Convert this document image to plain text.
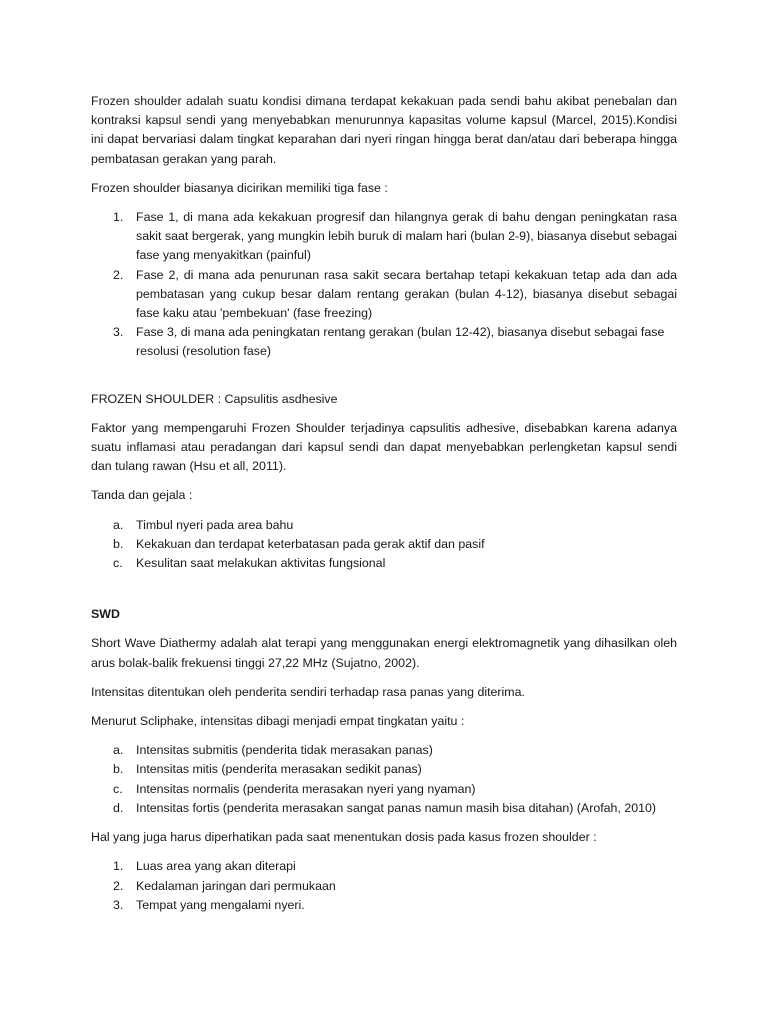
Frozen shoulder adalah suatu kondisi dimana terdapat kekakuan pada sendi bahu akibat penebalan dan kontraksi kapsul sendi yang menyebabkan menurunnya kapasitas volume kapsul (Marcel, 2015).Kondisi ini dapat bervariasi dalam tingkat keparahan dari nyeri ringan hingga berat dan/atau dari beberapa hingga pembatasan gerakan yang parah.

Frozen shoulder biasanya dicirikan memiliki tiga fase :

1.	Fase 1, di mana ada kekakuan progresif dan hilangnya gerak di bahu dengan peningkatan rasa sakit saat bergerak, yang mungkin lebih buruk di malam hari (bulan 2-9), biasanya disebut sebagai fase yang menyakitkan (painful)
2.	Fase 2, di mana ada penurunan rasa sakit secara bertahap tetapi kekakuan tetap ada dan ada pembatasan yang cukup besar dalam rentang gerakan (bulan 4-12), biasanya disebut sebagai fase kaku atau 'pembekuan' (fase freezing)
3.	Fase 3, di mana ada peningkatan rentang gerakan (bulan 12-42), biasanya disebut sebagai fase resolusi (resolution fase)

FROZEN SHOULDER : Capsulitis asdhesive

Faktor yang mempengaruhi Frozen Shoulder terjadinya capsulitis adhesive, disebabkan karena adanya suatu inflamasi atau peradangan dari kapsul sendi dan dapat menyebabkan perlengketan kapsul sendi dan tulang rawan (Hsu et all, 2011).

Tanda dan gejala :

a.	Timbul nyeri pada area bahu
b.	Kekakuan dan terdapat keterbatasan pada gerak aktif dan pasif
c.	Kesulitan saat melakukan aktivitas fungsional

SWD

Short Wave Diathermy adalah alat terapi yang menggunakan energi elektromagnetik yang dihasilkan oleh arus bolak-balik frekuensi tinggi 27,22 MHz (Sujatno, 2002).

Intensitas ditentukan oleh penderita sendiri terhadap rasa panas yang diterima.

Menurut Scliphake, intensitas dibagi menjadi empat tingkatan yaitu :

a.	Intensitas submitis (penderita tidak merasakan panas)
b.	Intensitas mitis (penderita merasakan sedikit panas)
c.	Intensitas normalis (penderita merasakan nyeri yang nyaman)
d.	Intensitas fortis (penderita merasakan sangat panas namun masih bisa ditahan) (Arofah, 2010)

Hal yang juga harus diperhatikan pada saat menentukan dosis pada kasus frozen shoulder :

1.	Luas area yang akan diterapi
2.	Kedalaman jaringan dari permukaan
3.	Tempat yang mengalami nyeri.
